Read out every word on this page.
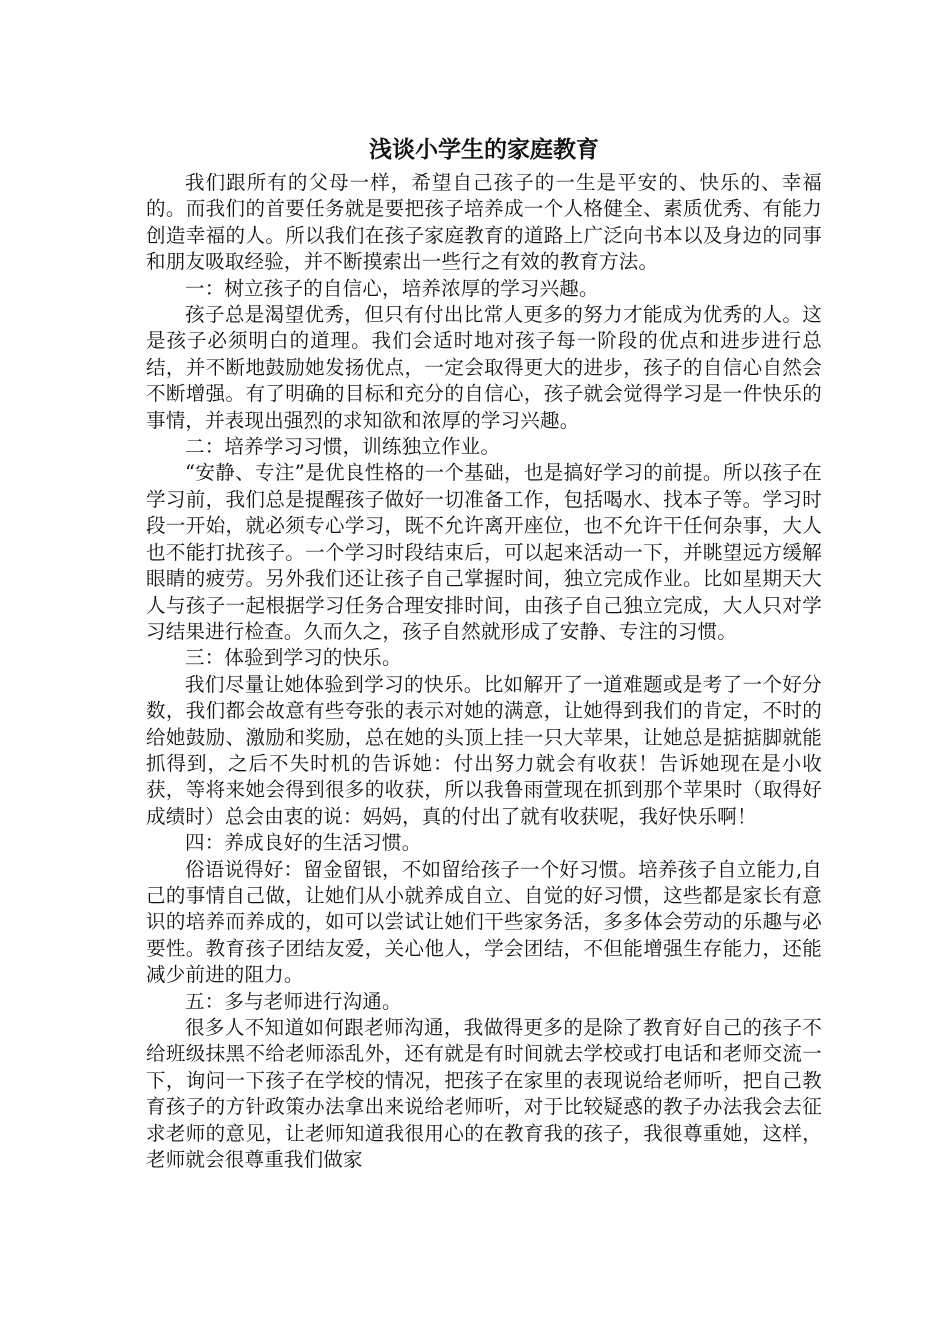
浅谈小学生的家庭教育

我们跟所有的父母一样，希望自己孩子的一生是平安的、快乐的、幸福的。而我们的首要任务就是要把孩子培养成一个人格健全、素质优秀、有能力创造幸福的人。所以我们在孩子家庭教育的道路上广泛向书本以及身边的同事和朋友吸取经验，并不断摸索出一些行之有效的教育方法。

一：树立孩子的自信心，培养浓厚的学习兴趣。

孩子总是渴望优秀，但只有付出比常人更多的努力才能成为优秀的人。这是孩子必须明白的道理。我们会适时地对孩子每一阶段的优点和进步进行总结，并不断地鼓励她发扬优点，一定会取得更大的进步，孩子的自信心自然会不断增强。有了明确的目标和充分的自信心，孩子就会觉得学习是一件快乐的事情，并表现出强烈的求知欲和浓厚的学习兴趣。

二：培养学习习惯，训练独立作业。

“安静、专注”是优良性格的一个基础，也是搞好学习的前提。所以孩子在学习前，我们总是提醒孩子做好一切准备工作，包括喝水、找本子等。学习时段一开始，就必须专心学习，既不允许离开座位，也不允许干任何杂事，大人也不能打扰孩子。一个学习时段结束后，可以起来活动一下，并眺望远方缓解眼睛的疲劳。另外我们还让孩子自己掌握时间，独立完成作业。比如星期天大人与孩子一起根据学习任务合理安排时间，由孩子自己独立完成，大人只对学习结果进行检查。久而久之，孩子自然就形成了安静、专注的习惯。

三：体验到学习的快乐。

我们尽量让她体验到学习的快乐。比如解开了一道难题或是考了一个好分数，我们都会故意有些夸张的表示对她的满意，让她得到我们的肯定，不时的给她鼓励、激励和奖励，总在她的头顶上挂一只大苹果，让她总是掂掂脚就能抓得到，之后不失时机的告诉她：付出努力就会有收获！告诉她现在是小收获，等将来她会得到很多的收获，所以我鲁雨萱现在抓到那个苹果时（取得好成绩时）总会由衷的说：妈妈，真的付出了就有收获呢，我好快乐啊！

四：养成良好的生活习惯。

俗语说得好：留金留银，不如留给孩子一个好习惯。培养孩子自立能力,自己的事情自己做，让她们从小就养成自立、自觉的好习惯，这些都是家长有意识的培养而养成的，如可以尝试让她们干些家务活，多多体会劳动的乐趣与必要性。教育孩子团结友爱，关心他人，学会团结，不但能增强生存能力，还能减少前进的阻力。

五：多与老师进行沟通。

很多人不知道如何跟老师沟通，我做得更多的是除了教育好自己的孩子不给班级抹黑不给老师添乱外，还有就是有时间就去学校或打电话和老师交流一下，询问一下孩子在学校的情况，把孩子在家里的表现说给老师听，把自己教育孩子的方针政策办法拿出来说给老师听，对于比较疑惑的教子办法我会去征求老师的意见，让老师知道我很用心的在教育我的孩子，我很尊重她，这样，老师就会很尊重我们做家
